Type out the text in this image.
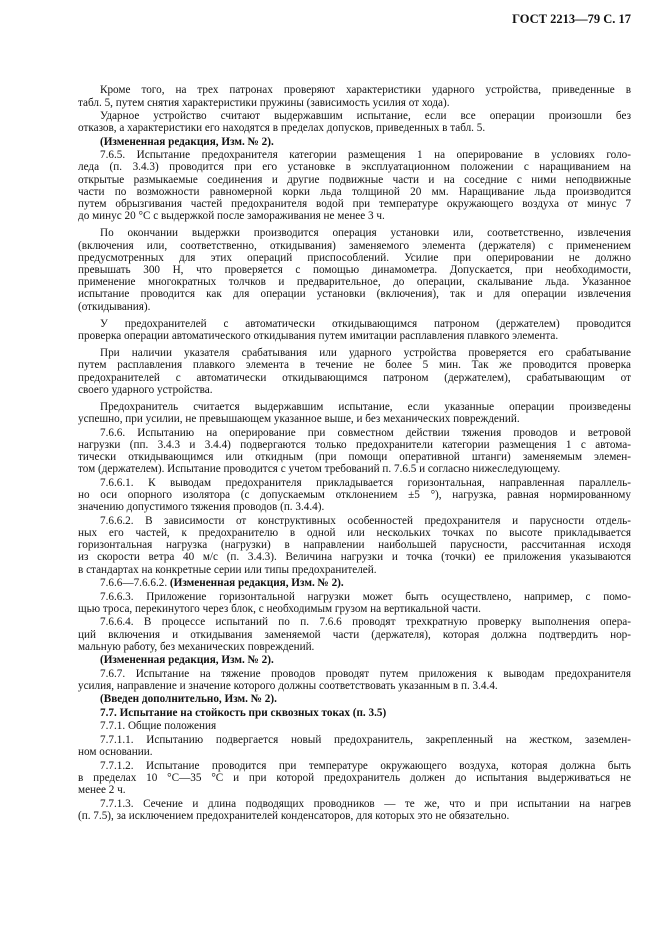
ГОСТ 2213—79 С. 17
Кроме того, на трех патронах проверяют характеристики ударного устройства, приведенные в
табл. 5, путем снятия характеристики пружины (зависимость усилия от хода).
Ударное устройство считают выдержавшим испытание, если все операции произошли без
отказов, а характеристики его находятся в пределах допусков, приведенных в табл. 5.
(Измененная редакция, Изм. № 2).
7.6.5. Испытание предохранителя категории размещения 1 на оперирование в условиях голо-
леда (п. 3.4.3) проводится при его установке в эксплуатационном положении с наращиванием на
открытые размыкаемые соединения и другие подвижные части и на соседние с ними неподвижные
части по возможности равномерной корки льда толщиной 20 мм. Наращивание льда производится
путем обрызгивания частей предохранителя водой при температуре окружающего воздуха от минус 7
до минус 20 °С с выдержкой после замораживания не менее 3 ч.
По окончании выдержки производится операция установки или, соответственно, извлечения
(включения или, соответственно, откидывания) заменяемого элемента (держателя) с применением
предусмотренных для этих операций приспособлений. Усилие при оперировании не должно
превышать 300 Н, что проверяется с помощью динамометра. Допускается, при необходимости,
применение многократных толчков и предварительное, до операции, скалывание льда. Указанное
испытание проводится как для операции установки (включения), так и для операции извлечения
(откидывания).
У предохранителей с автоматически откидывающимся патроном (держателем) проводится
проверка операции автоматического откидывания путем имитации расплавления плавкого элемента.
При наличии указателя срабатывания или ударного устройства проверяется его срабатывание
путем расплавления плавкого элемента в течение не более 5 мин. Так же проводится проверка
предохранителей с автоматически откидывающимся патроном (держателем), срабатывающим от
своего ударного устройства.
Предохранитель считается выдержавшим испытание, если указанные операции произведены
успешно, при усилии, не превышающем указанное выше, и без механических повреждений.
7.6.6. Испытанию на оперирование при совместном действии тяжения проводов и ветровой
нагрузки (пп. 3.4.3 и 3.4.4) подвергаются только предохранители категории размещения 1 с автома-
тически откидывающимся или откидным (при помощи оперативной штанги) заменяемым элемен-
том (держателем). Испытание проводится с учетом требований п. 7.6.5 и согласно нижеследующему.
7.6.6.1. К выводам предохранителя прикладывается горизонтальная, направленная параллель-
но оси опорного изолятора (с допускаемым отклонением ±5 °), нагрузка, равная нормированному
значению допустимого тяжения проводов (п. 3.4.4).
7.6.6.2. В зависимости от конструктивных особенностей предохранителя и парусности отдель-
ных его частей, к предохранителю в одной или нескольких точках по высоте прикладывается
горизонтальная нагрузка (нагрузки) в направлении наибольшей парусности, рассчитанная исходя
из скорости ветра 40 м/с (п. 3.4.3). Величина нагрузки и точка (точки) ее приложения указываются
в стандартах на конкретные серии или типы предохранителей.
7.6.6—7.6.6.2. (Измененная редакция, Изм. № 2).
7.6.6.3. Приложение горизонтальной нагрузки может быть осуществлено, например, с помо-
щью троса, перекинутого через блок, с необходимым грузом на вертикальной части.
7.6.6.4. В процессе испытаний по п. 7.6.6 проводят трехкратную проверку выполнения опера-
ций включения и откидывания заменяемой части (держателя), которая должна подтвердить нор-
мальную работу, без механических повреждений.
(Измененная редакция, Изм. № 2).
7.6.7. Испытание на тяжение проводов проводят путем приложения к выводам предохранителя
усилия, направление и значение которого должны соответствовать указанным в п. 3.4.4.
(Введен дополнительно, Изм. № 2).
7.7. Испытание на стойкость при сквозных токах (п. 3.5)
7.7.1. Общие положения
7.7.1.1. Испытанию подвергается новый предохранитель, закрепленный на жестком, заземлен-
ном основании.
7.7.1.2. Испытание проводится при температуре окружающего воздуха, которая должна быть
в пределах 10 °С—35 °С и при которой предохранитель должен до испытания выдерживаться не
менее 2 ч.
7.7.1.3. Сечение и длина подводящих проводников — те же, что и при испытании на нагрев
(п. 7.5), за исключением предохранителей конденсаторов, для которых это не обязательно.
